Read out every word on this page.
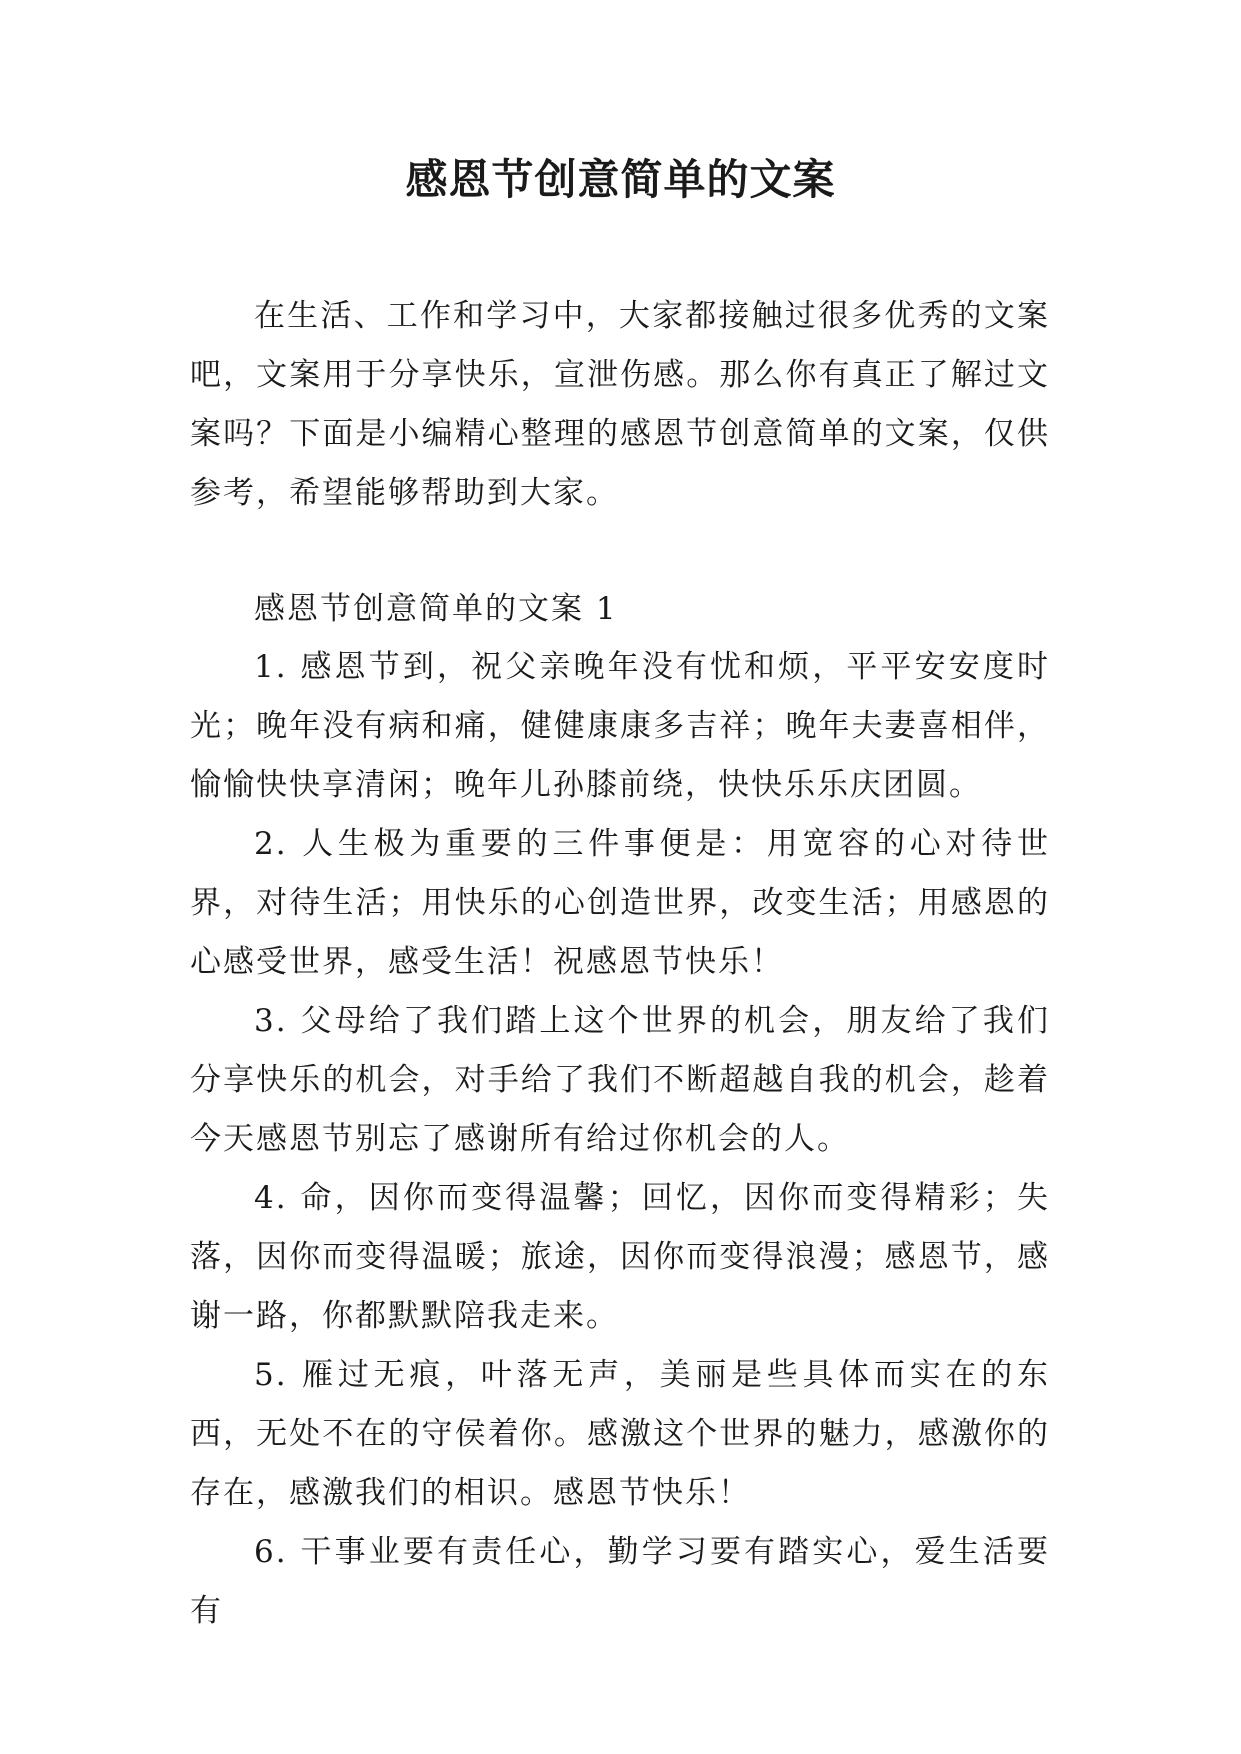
感恩节创意简单的文案

在生活、工作和学习中，大家都接触过很多优秀的文案吧，文案用于分享快乐，宣泄伤感。那么你有真正了解过文案吗？下面是小编精心整理的感恩节创意简单的文案，仅供参考，希望能够帮助到大家。

感恩节创意简单的文案 1

1. 感恩节到，祝父亲晚年没有忧和烦，平平安安度时光；晚年没有病和痛，健健康康多吉祥；晚年夫妻喜相伴，愉愉快快享清闲；晚年儿孙膝前绕，快快乐乐庆团圆。

2. 人生极为重要的三件事便是：用宽容的心对待世界，对待生活；用快乐的心创造世界，改变生活；用感恩的心感受世界，感受生活！祝感恩节快乐！

3. 父母给了我们踏上这个世界的机会，朋友给了我们分享快乐的机会，对手给了我们不断超越自我的机会，趁着今天感恩节别忘了感谢所有给过你机会的人。

4. 命，因你而变得温馨；回忆，因你而变得精彩；失落，因你而变得温暖；旅途，因你而变得浪漫；感恩节，感谢一路，你都默默陪我走来。

5. 雁过无痕，叶落无声，美丽是些具体而实在的东西，无处不在的守侯着你。感激这个世界的魅力，感激你的存在，感激我们的相识。感恩节快乐！

6. 干事业要有责任心，勤学习要有踏实心，爱生活要有
